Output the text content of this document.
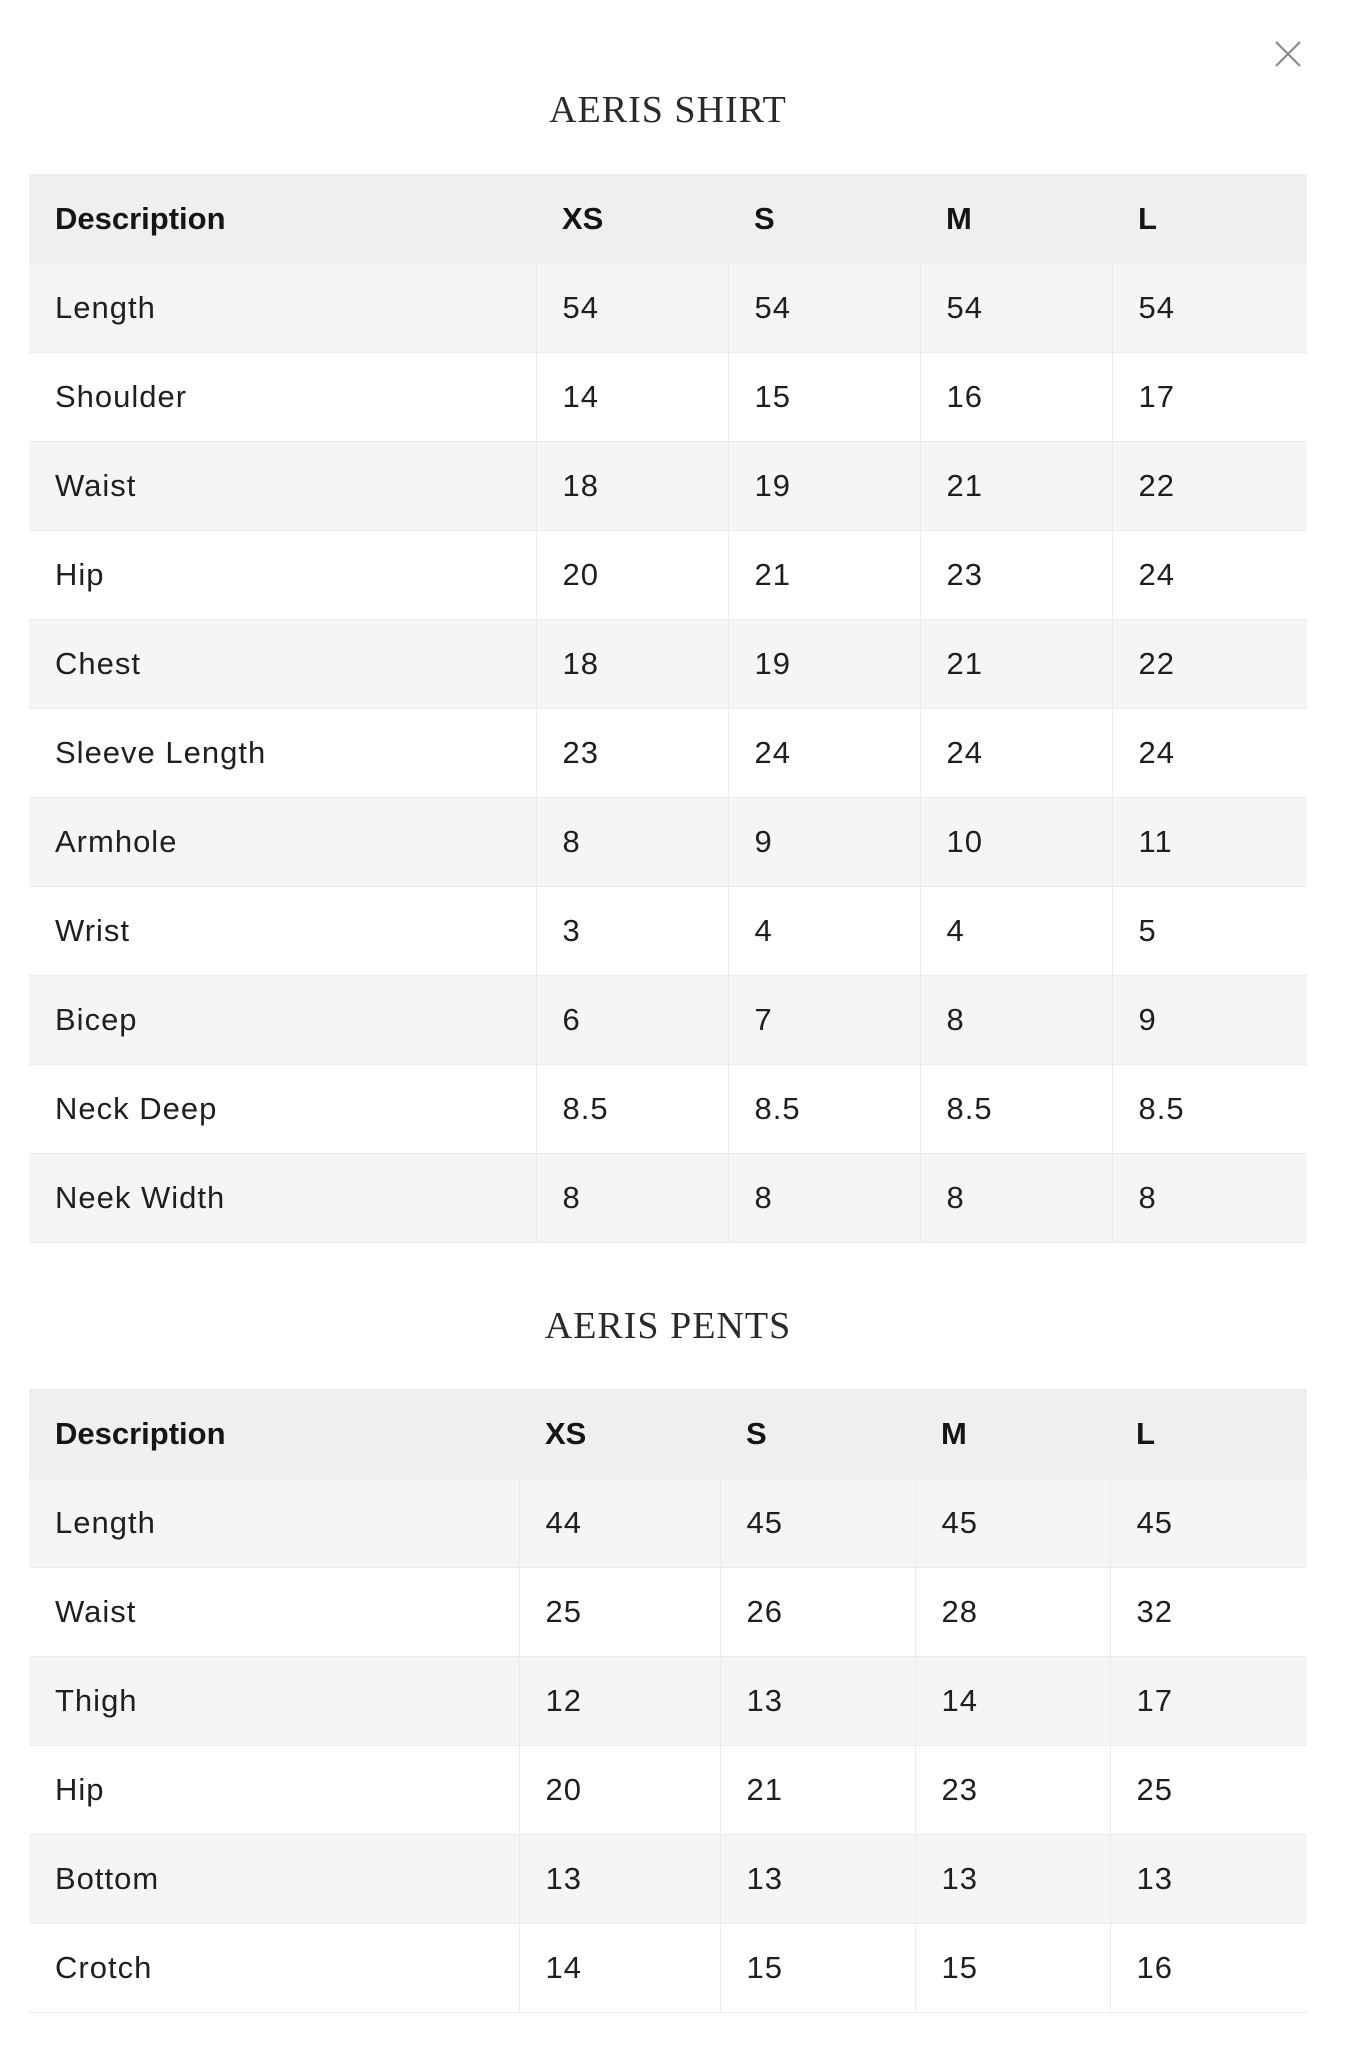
AERIS SHIRT
Description	XS	S	M	L
Length	54	54	54	54
Shoulder	14	15	16	17
Waist	18	19	21	22
Hip	20	21	23	24
Chest	18	19	21	22
Sleeve Length	23	24	24	24
Armhole	8	9	10	11
Wrist	3	4	4	5
Bicep	6	7	8	9
Neck Deep	8.5	8.5	8.5	8.5
Neek Width	8	8	8	8
AERIS PENTS
Description	XS	S	M	L
Length	44	45	45	45
Waist	25	26	28	32
Thigh	12	13	14	17
Hip	20	21	23	25
Bottom	13	13	13	13
Crotch	14	15	15	16
